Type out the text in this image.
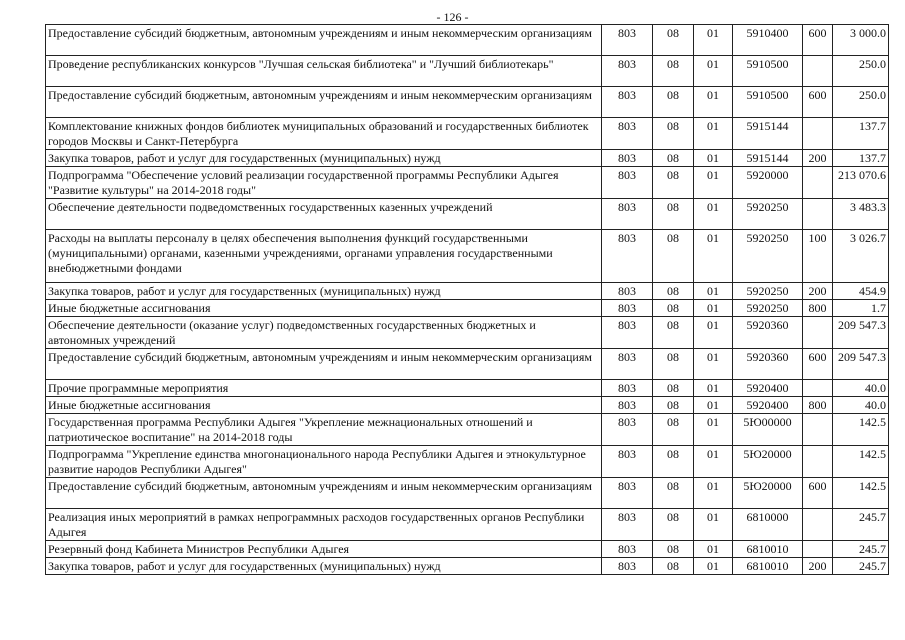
- 126 -
Предоставление субсидий бюджетным, автономным учреждениям и иным некоммерческим организациям	803	08	01	5910400	600	3 000.0
Проведение республиканских конкурсов "Лучшая сельская библиотека" и "Лучший библиотекарь"	803	08	01	5910500		250.0
Предоставление субсидий бюджетным, автономным учреждениям и иным некоммерческим организациям	803	08	01	5910500	600	250.0
Комплектование книжных фондов библиотек муниципальных образований и государственных библиотек городов Москвы и Санкт-Петербурга	803	08	01	5915144		137.7
Закупка товаров, работ и услуг для государственных (муниципальных) нужд	803	08	01	5915144	200	137.7
Подпрограмма "Обеспечение условий реализации государственной программы Республики Адыгея "Развитие культуры" на 2014-2018 годы"	803	08	01	5920000		213 070.6
Обеспечение деятельности подведомственных государственных казенных учреждений	803	08	01	5920250		3 483.3
Расходы на выплаты персоналу в целях обеспечения выполнения функций государственными (муниципальными) органами, казенными учреждениями, органами управления государственными внебюджетными фондами	803	08	01	5920250	100	3 026.7
Закупка товаров, работ и услуг для государственных (муниципальных) нужд	803	08	01	5920250	200	454.9
Иные бюджетные ассигнования	803	08	01	5920250	800	1.7
Обеспечение деятельности (оказание услуг) подведомственных государственных бюджетных и автономных учреждений	803	08	01	5920360		209 547.3
Предоставление субсидий бюджетным, автономным учреждениям и иным некоммерческим организациям	803	08	01	5920360	600	209 547.3
Прочие программные мероприятия	803	08	01	5920400		40.0
Иные бюджетные ассигнования	803	08	01	5920400	800	40.0
Государственная программа Республики Адыгея "Укрепление межнациональных отношений и патриотическое воспитание" на 2014-2018 годы	803	08	01	5Ю00000		142.5
Подпрограмма "Укрепление единства многонационального народа Республики Адыгея и этнокультурное развитие народов Республики Адыгея"	803	08	01	5Ю20000		142.5
Предоставление субсидий бюджетным, автономным учреждениям и иным некоммерческим организациям	803	08	01	5Ю20000	600	142.5
Реализация иных мероприятий в рамках непрограммных расходов государственных органов Республики Адыгея	803	08	01	6810000		245.7
Резервный фонд Кабинета Министров Республики Адыгея	803	08	01	6810010		245.7
Закупка товаров, работ и услуг для государственных (муниципальных) нужд	803	08	01	6810010	200	245.7
